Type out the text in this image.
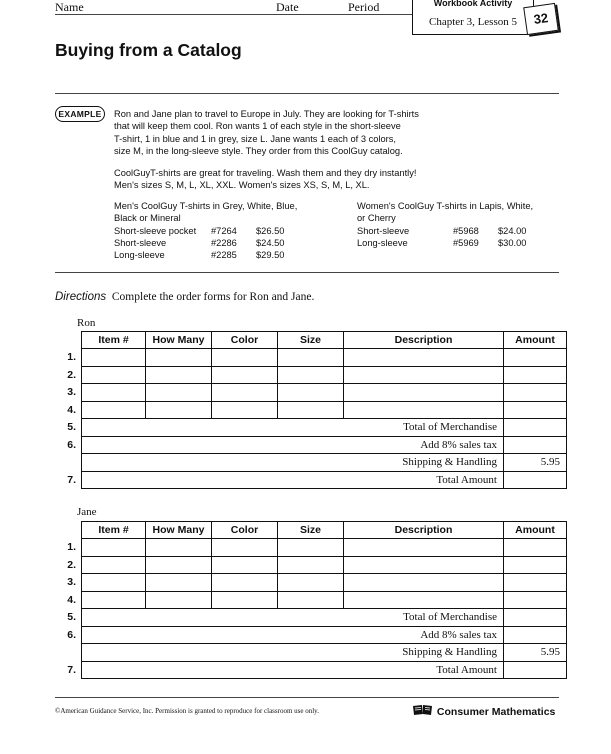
Name	Date	Period	Workbook Activity
Chapter 3, Lesson 5	32
Buying from a Catalog
EXAMPLE	Ron and Jane plan to travel to Europe in July. They are looking for T-shirts

that will keep them cool. Ron wants 1 of each style in the short-sleeve

T-shirt, 1 in blue and 1 in grey, size L. Jane wants 1 each of 3 colors,

size M, in the long-sleeve style. They order from this CoolGuy catalog.

CoolGuyT-shirts are great for traveling. Wash them and they dry instantly!

Men's sizes S, M, L, XL, XXL. Women's sizes XS, S, M, L, XL.

Men's CoolGuy T-shirts in Grey, White, Blue,
Black or Mineral
Short-sleeve pocket #7264 $26.50
Short-sleeve	#2286 $24.50
Long-sleeve	#2285 $29.50
Women's CoolGuy T-shirts in Lapis, White,
or Cherry
Short-sleeve	#5968 $24.00
Long-sleeve	#5969 $30.00
Directions Complete the order forms for Ron and Jane.
Ron
	Item #	How Many	Color	Size	Description	Amount
1.						
2.						
3.						
4.						
5.	Total of Merchandise					
6.	Add 8% sales tax					
	Shipping & Handling					5.95
7.	Total Amount					
Jane
	Item #	How Many	Color	Size	Description	Amount
1.						
2.						
3.						
4.						
5.	Total of Merchandise					
6.	Add 8% sales tax					
	Shipping & Handling					5.95
7.	Total Amount					
©American Guidance Service, Inc. Permission is granted to reproduce for classroom use only.	Consumer Mathematics
